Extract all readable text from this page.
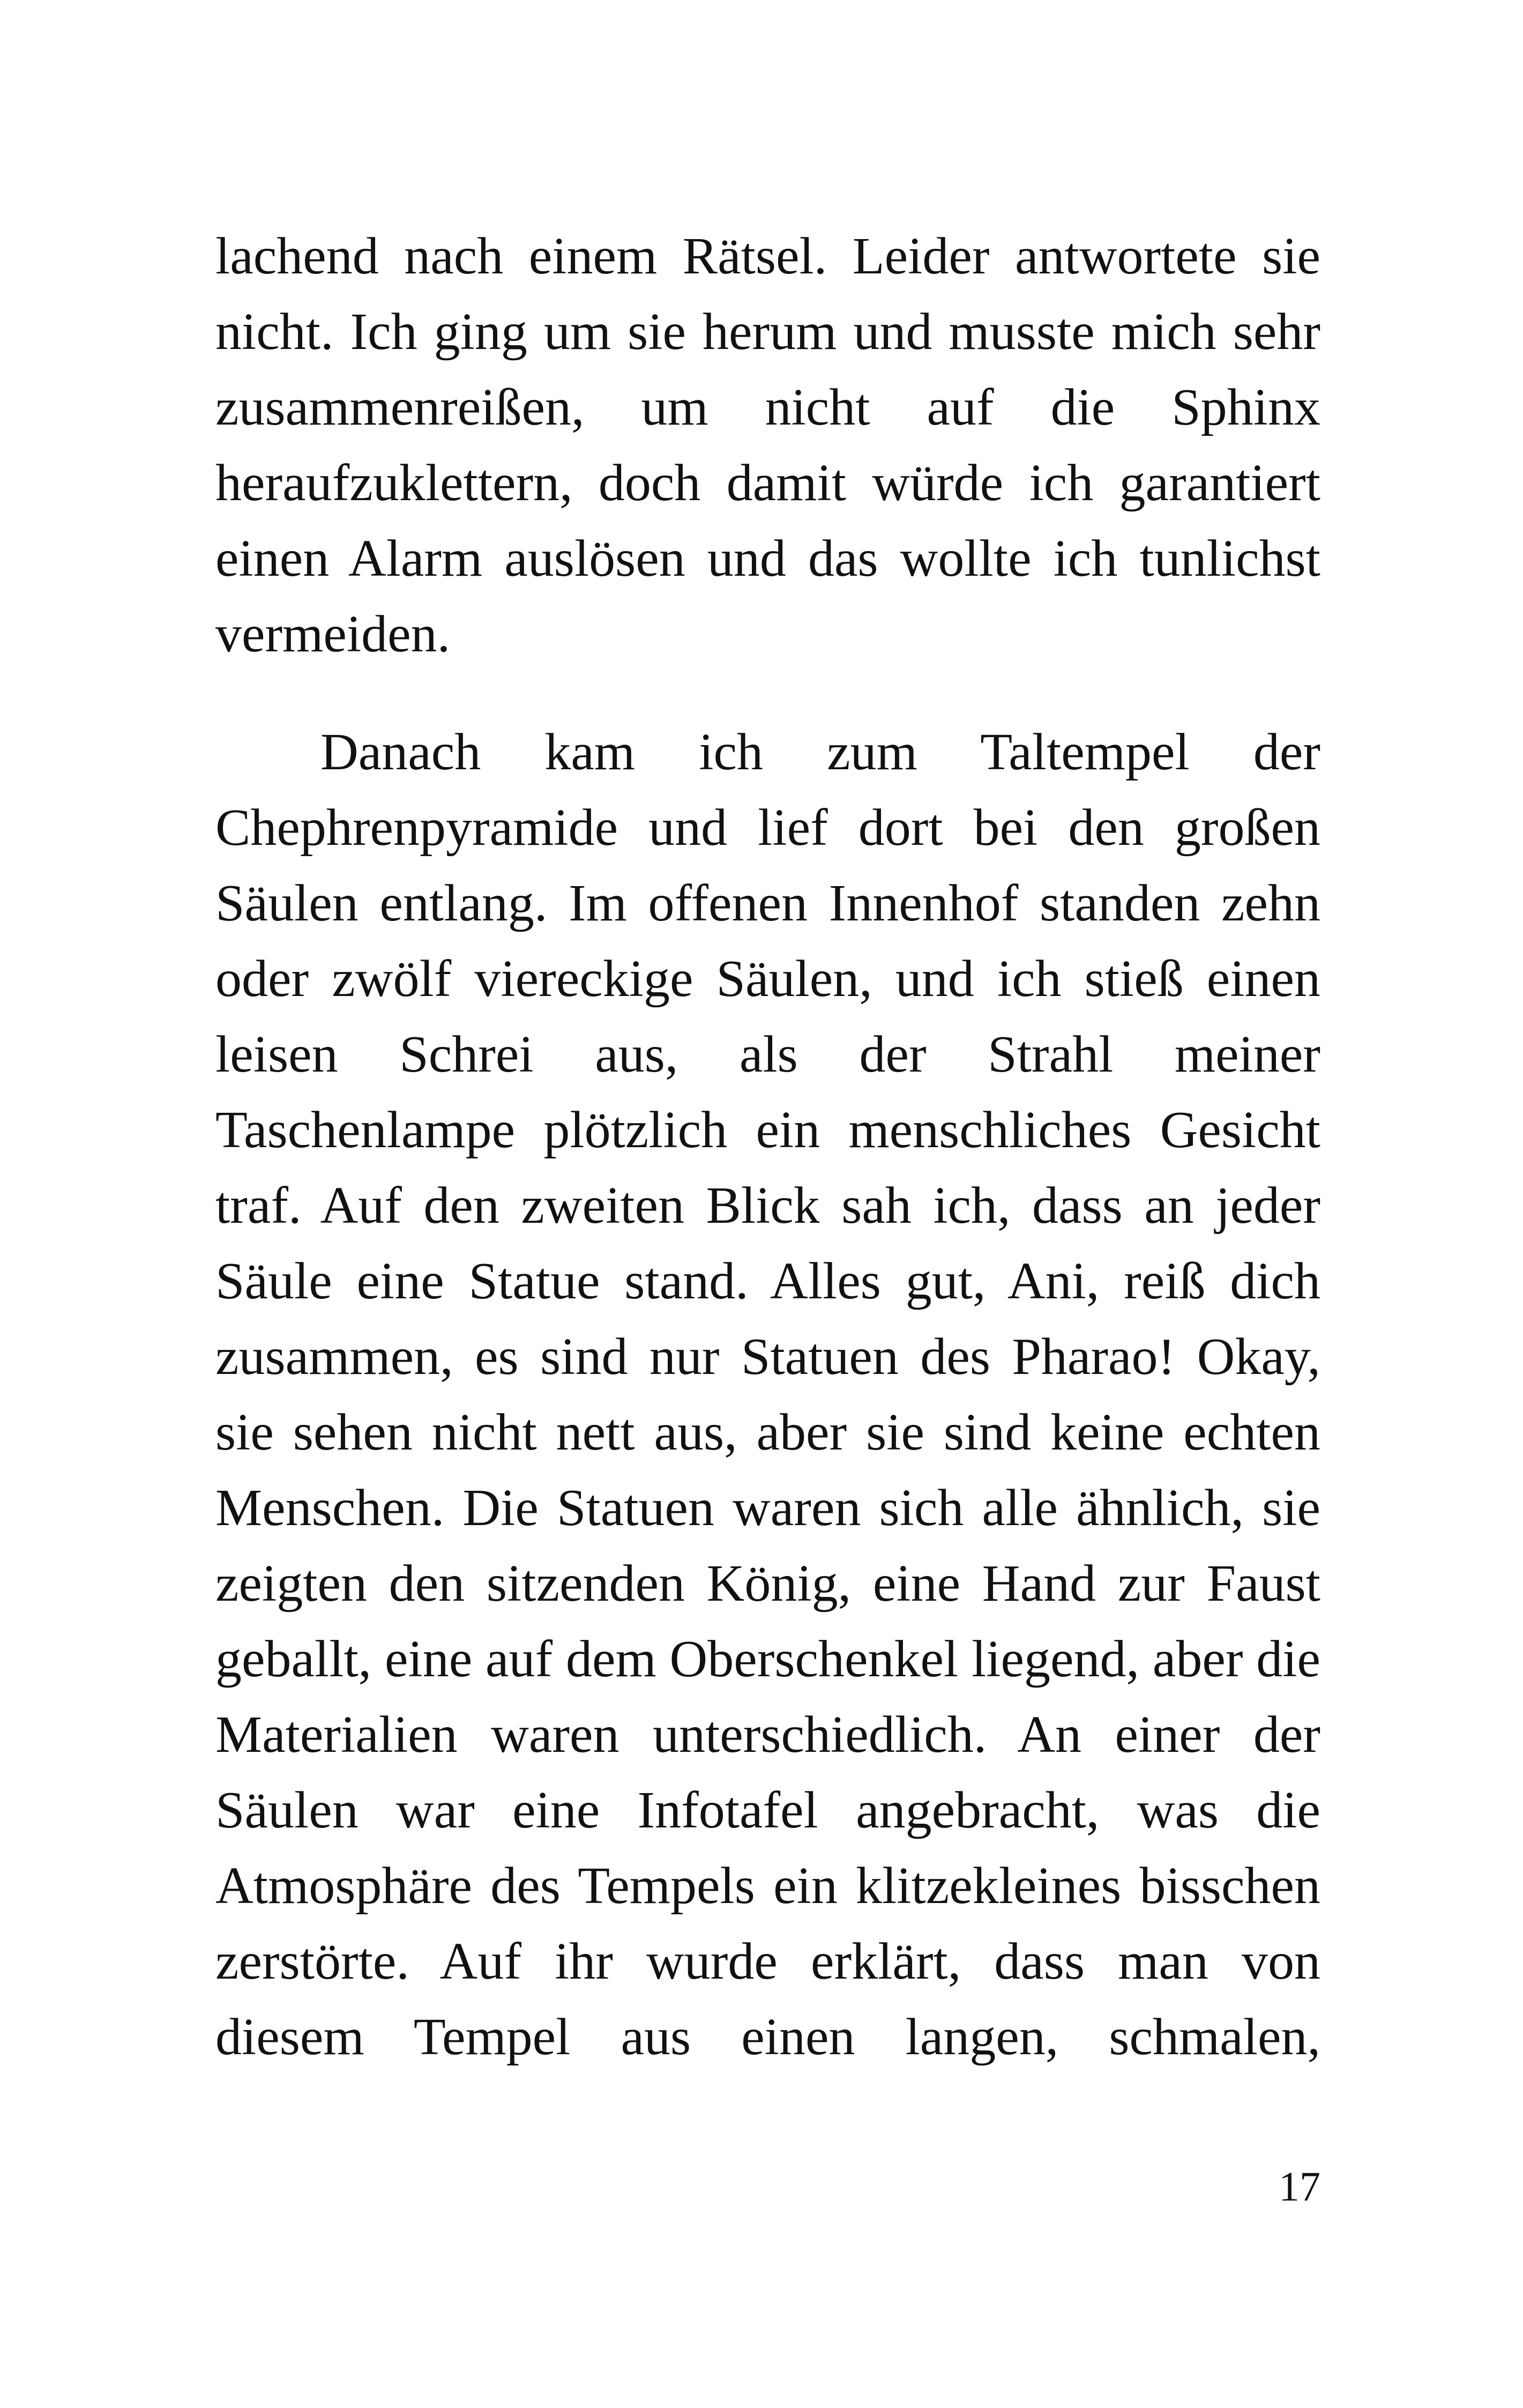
lachend nach einem Rätsel. Leider antwortete sie nicht. Ich ging um sie herum und musste mich sehr zusammenreißen, um nicht auf die Sphinx heraufzuklettern, doch damit würde ich garantiert einen Alarm auslösen und das wollte ich tunlichst vermeiden.

Danach kam ich zum Taltempel der Chephrenpyramide und lief dort bei den großen Säulen entlang. Im offenen Innenhof standen zehn oder zwölf viereckige Säulen, und ich stieß einen leisen Schrei aus, als der Strahl meiner Taschenlampe plötzlich ein menschliches Gesicht traf. Auf den zweiten Blick sah ich, dass an jeder Säule eine Statue stand. Alles gut, Ani, reiß dich zusammen, es sind nur Statuen des Pharao! Okay, sie sehen nicht nett aus, aber sie sind keine echten Menschen. Die Statuen waren sich alle ähnlich, sie zeigten den sitzenden König, eine Hand zur Faust geballt, eine auf dem Oberschenkel liegend, aber die Materialien waren unterschiedlich. An einer der Säulen war eine Infotafel angebracht, was die Atmosphäre des Tempels ein klitzekleines bisschen zerstörte. Auf ihr wurde erklärt, dass man von diesem Tempel aus einen langen, schmalen,

17
